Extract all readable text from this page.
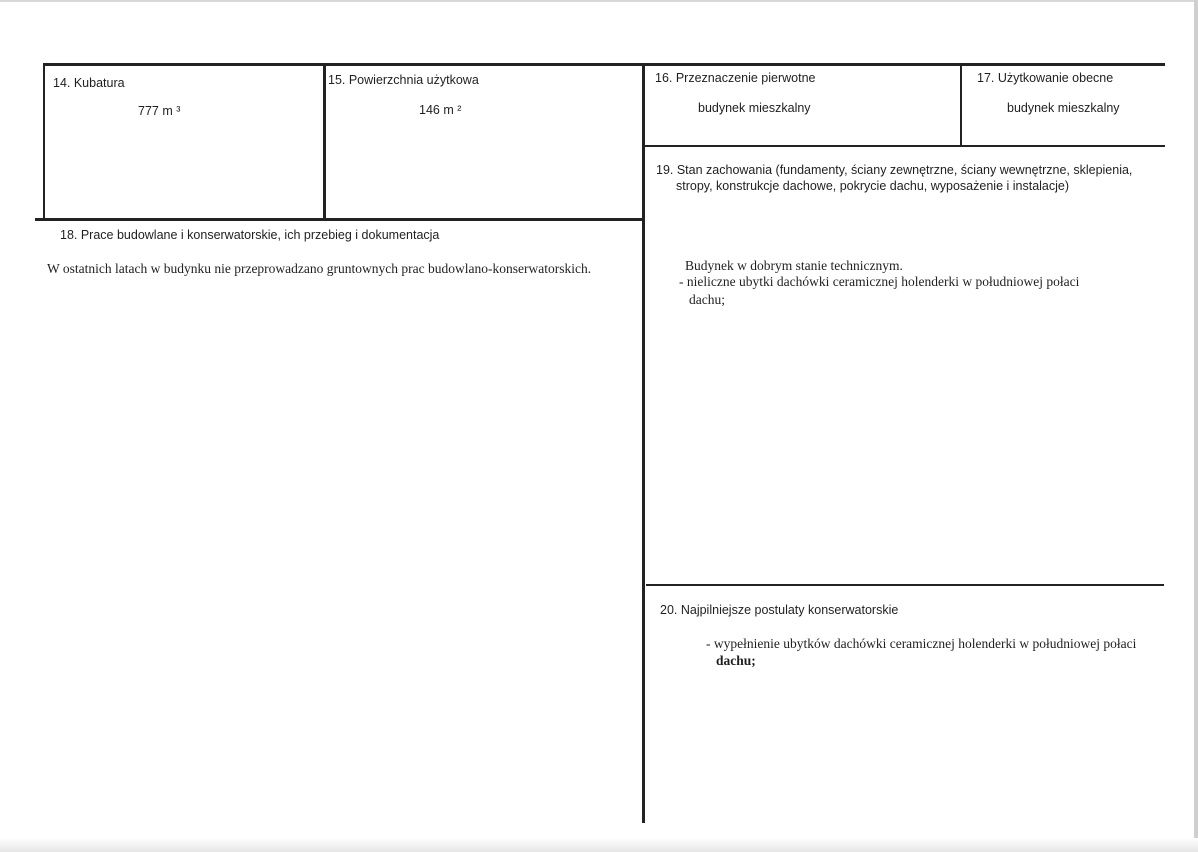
14. Kubatura
777 m ³
15. Powierzchnia użytkowa
146 m ²
16. Przeznaczenie pierwotne
budynek mieszkalny
17. Użytkowanie obecne
budynek mieszkalny
18. Prace budowlane i konserwatorskie, ich przebieg i dokumentacja
W ostatnich latach w budynku nie przeprowadzano gruntownych prac budowlano-konserwatorskich.
19. Stan zachowania (fundamenty, ściany zewnętrzne, ściany wewnętrzne, sklepienia,
stropy, konstrukcje dachowe, pokrycie dachu, wyposażenie i instalacje)
Budynek w dobrym stanie technicznym.
- nieliczne ubytki dachówki ceramicznej holenderki w południowej połaci
dachu;
20. Najpilniejsze postulaty konserwatorskie
- wypełnienie ubytków dachówki ceramicznej holenderki w południowej połaci
dachu;
